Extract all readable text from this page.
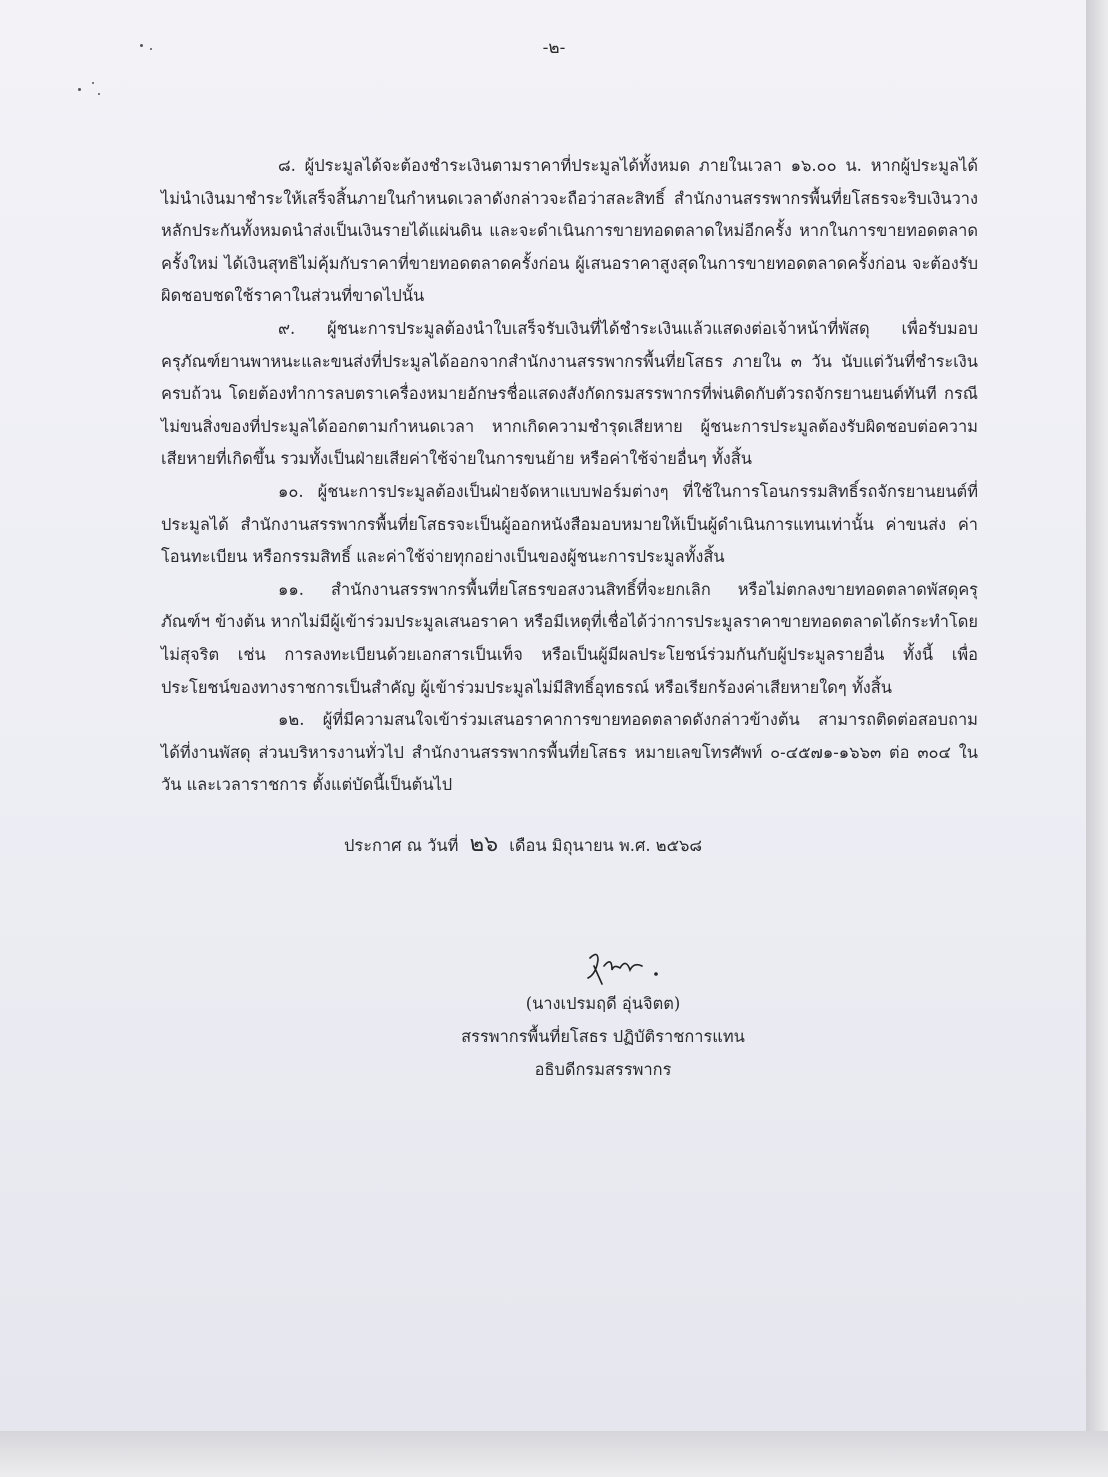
-๒-

๘. ผู้ประมูลได้จะต้องชำระเงินตามราคาที่ประมูลได้ทั้งหมด ภายในเวลา ๑๖.๐๐ น. หากผู้ประมูลได้ไม่นำเงินมาชำระให้เสร็จสิ้นภายในกำหนดเวลาดังกล่าวจะถือว่าสละสิทธิ์ สำนักงานสรรพากรพื้นที่ยโสธรจะริบเงินวางหลักประกันทั้งหมดนำส่งเป็นเงินรายได้แผ่นดิน และจะดำเนินการขายทอดตลาดใหม่อีกครั้ง หากในการขายทอดตลาดครั้งใหม่ ได้เงินสุทธิไม่คุ้มกับราคาที่ขายทอดตลาดครั้งก่อน ผู้เสนอราคาสูงสุดในการขายทอดตลาดครั้งก่อน จะต้องรับผิดชอบชดใช้ราคาในส่วนที่ขาดไปนั้น

๙. ผู้ชนะการประมูลต้องนำใบเสร็จรับเงินที่ได้ชำระเงินแล้วแสดงต่อเจ้าหน้าที่พัสดุ เพื่อรับมอบครุภัณฑ์ยานพาหนะและขนส่งที่ประมูลได้ออกจากสำนักงานสรรพากรพื้นที่ยโสธร ภายใน ๓ วัน นับแต่วันที่ชำระเงินครบถ้วน โดยต้องทำการลบตราเครื่องหมายอักษรชื่อแสดงสังกัดกรมสรรพากรที่พ่นติดกับตัวรถจักรยานยนต์ทันที กรณีไม่ขนสิ่งของที่ประมูลได้ออกตามกำหนดเวลา หากเกิดความชำรุดเสียหาย ผู้ชนะการประมูลต้องรับผิดชอบต่อความเสียหายที่เกิดขึ้น รวมทั้งเป็นฝ่ายเสียค่าใช้จ่ายในการขนย้าย หรือค่าใช้จ่ายอื่นๆ ทั้งสิ้น

๑๐. ผู้ชนะการประมูลต้องเป็นฝ่ายจัดหาแบบฟอร์มต่างๆ ที่ใช้ในการโอนกรรมสิทธิ์รถจักรยานยนต์ที่ประมูลได้ สำนักงานสรรพากรพื้นที่ยโสธรจะเป็นผู้ออกหนังสือมอบหมายให้เป็นผู้ดำเนินการแทนเท่านั้น ค่าขนส่ง ค่าโอนทะเบียน หรือกรรมสิทธิ์ และค่าใช้จ่ายทุกอย่างเป็นของผู้ชนะการประมูลทั้งสิ้น

๑๑. สำนักงานสรรพากรพื้นที่ยโสธรขอสงวนสิทธิ์ที่จะยกเลิก หรือไม่ตกลงขายทอดตลาดพัสดุครุภัณฑ์ฯ ข้างต้น หากไม่มีผู้เข้าร่วมประมูลเสนอราคา หรือมีเหตุที่เชื่อได้ว่าการประมูลราคาขายทอดตลาดได้กระทำโดยไม่สุจริต เช่น การลงทะเบียนด้วยเอกสารเป็นเท็จ หรือเป็นผู้มีผลประโยชน์ร่วมกันกับผู้ประมูลรายอื่น ทั้งนี้ เพื่อประโยชน์ของทางราชการเป็นสำคัญ ผู้เข้าร่วมประมูลไม่มีสิทธิ์อุทธรณ์ หรือเรียกร้องค่าเสียหายใดๆ ทั้งสิ้น

๑๒. ผู้ที่มีความสนใจเข้าร่วมเสนอราคาการขายทอดตลาดดังกล่าวข้างต้น สามารถติดต่อสอบถามได้ที่งานพัสดุ ส่วนบริหารงานทั่วไป สำนักงานสรรพากรพื้นที่ยโสธร หมายเลขโทรศัพท์ ๐-๔๕๗๑-๑๖๖๓ ต่อ ๓๐๔ ในวัน และเวลาราชการ ตั้งแต่บัดนี้เป็นต้นไป

ประกาศ ณ วันที่ ๒๖ เดือน มิถุนายน พ.ศ. ๒๕๖๘
(นางเปรมฤดี อุ่นจิตต)
สรรพากรพื้นที่ยโสธร ปฏิบัติราชการแทน
อธิบดีกรมสรรพากร
